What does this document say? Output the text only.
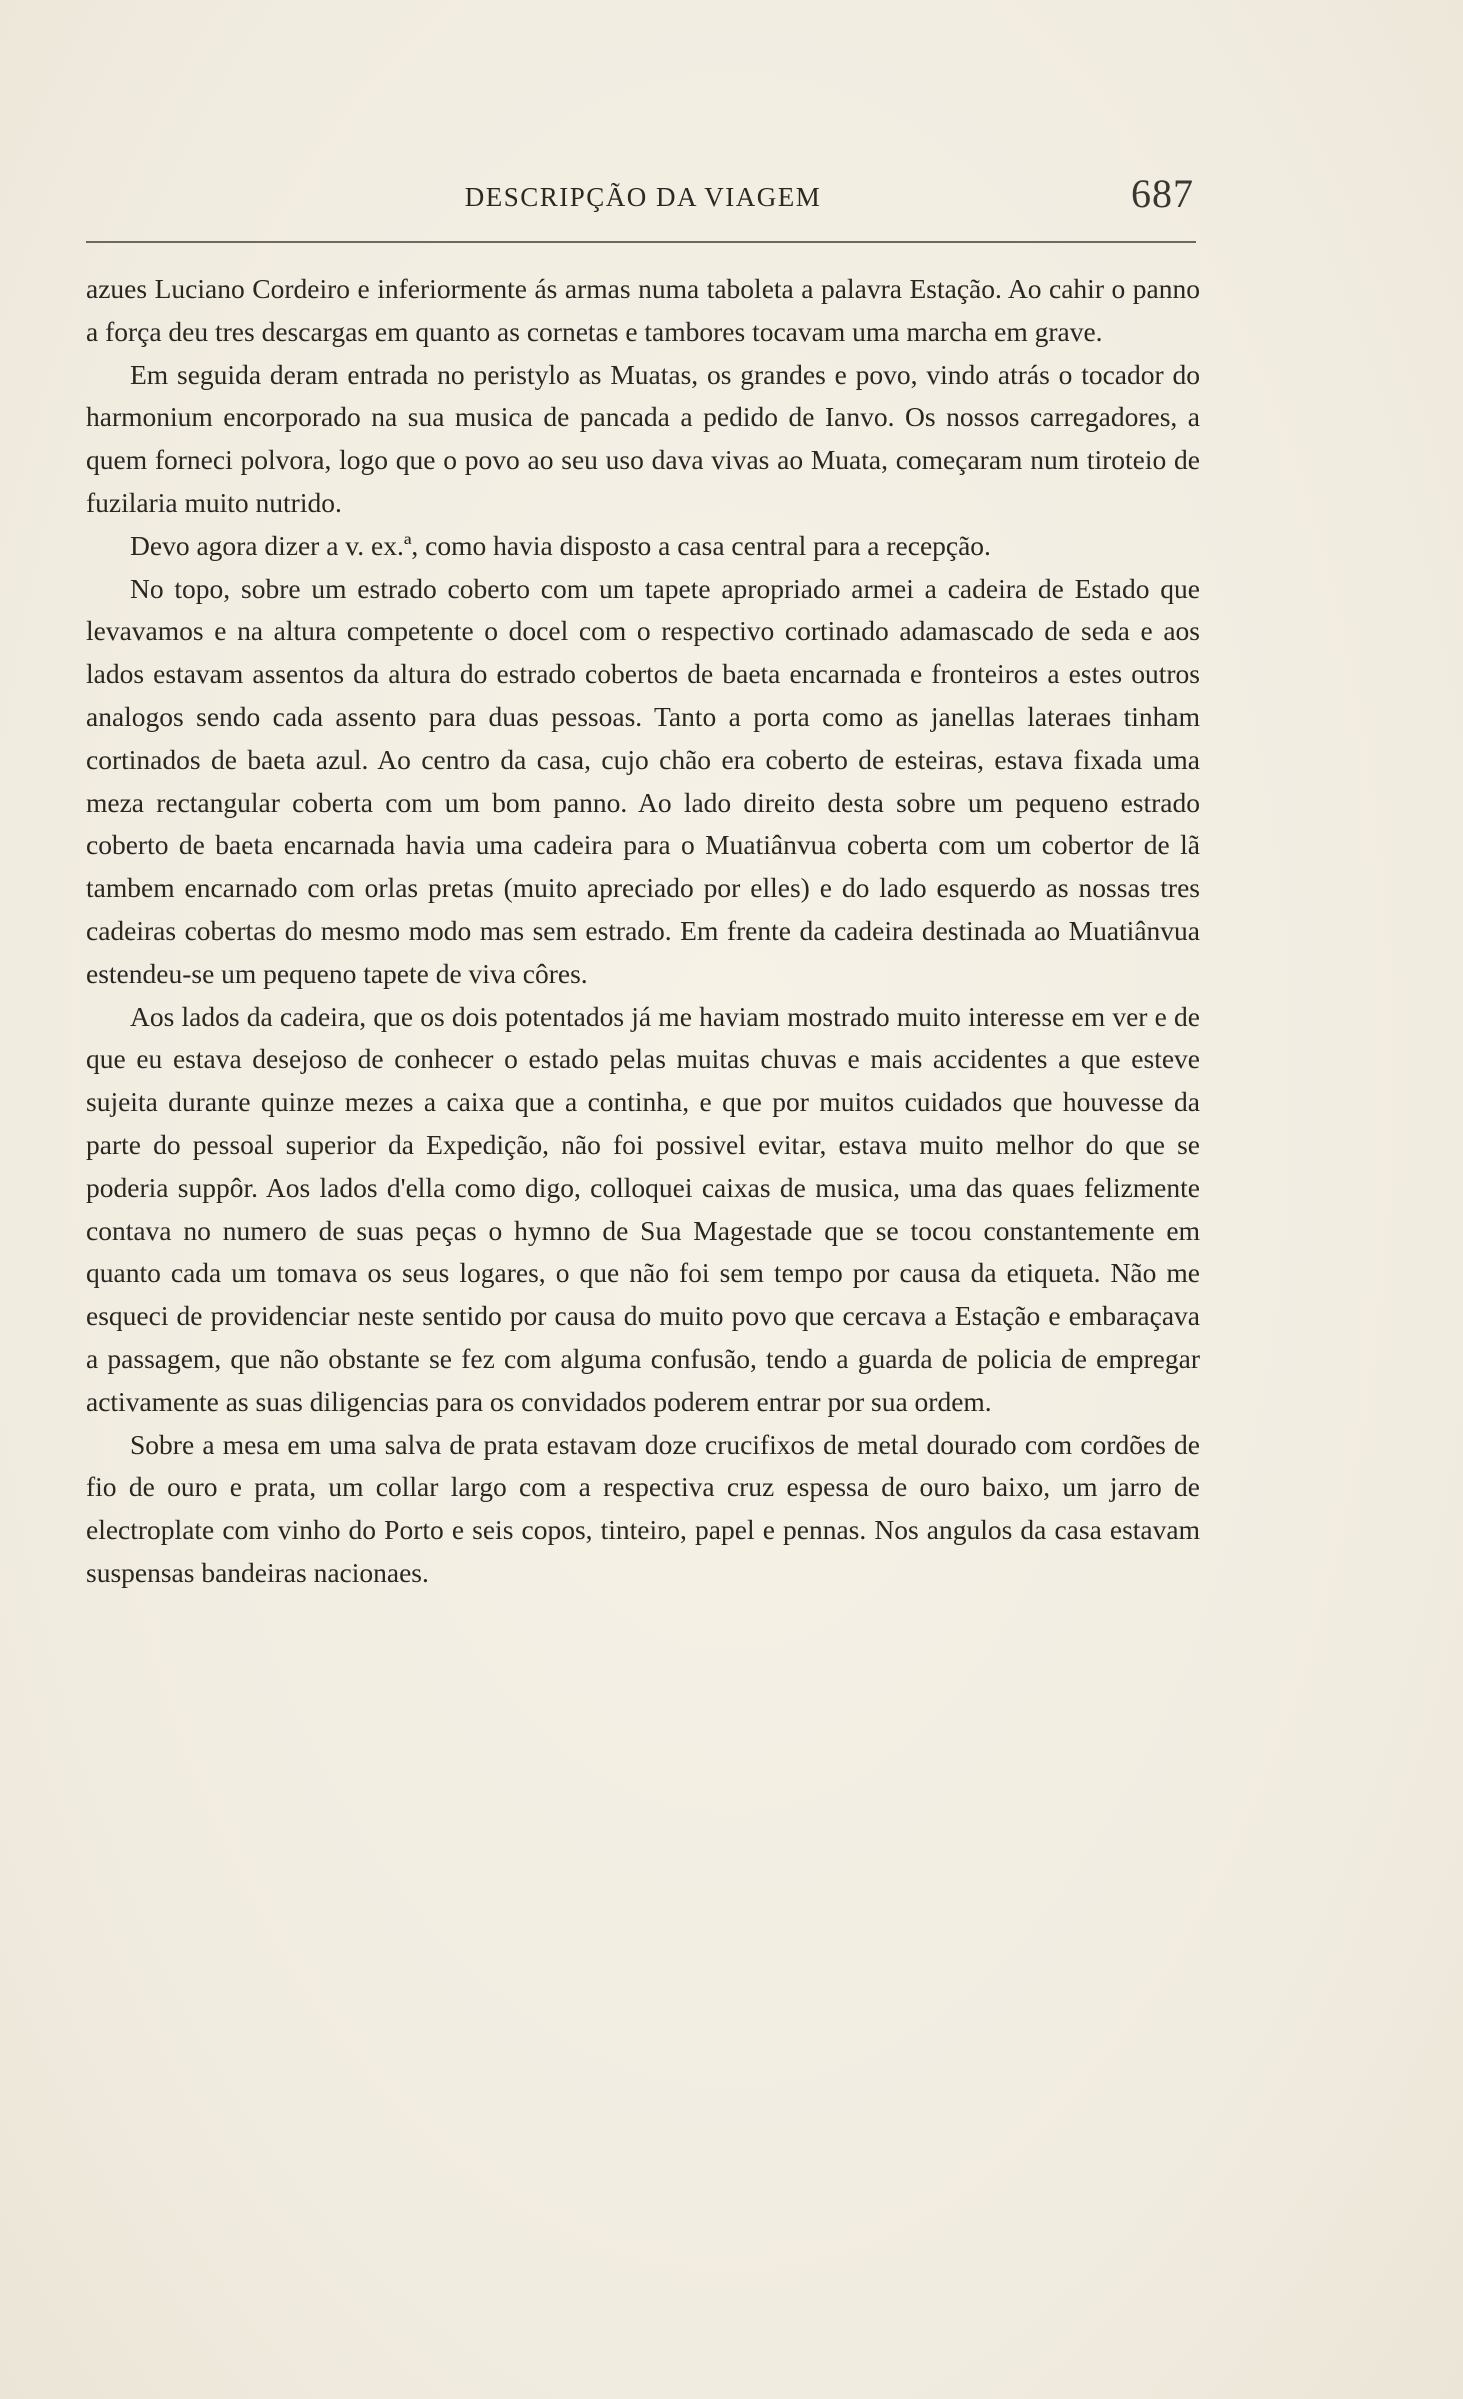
DESCRIPÇÃO DA VIAGEM	687

azues Luciano Cordeiro e inferiormente ás armas numa taboleta a palavra Estação. Ao cahir o panno a força deu tres descargas em quanto as cornetas e tambores tocavam uma marcha em grave.

Em seguida deram entrada no peristylo as Muatas, os grandes e povo, vindo atrás o tocador do harmonium encorporado na sua musica de pancada a pedido de Ianvo. Os nossos carregadores, a quem forneci polvora, logo que o povo ao seu uso dava vivas ao Muata, começaram num tiroteio de fuzilaria muito nutrido.

Devo agora dizer a v. ex.ª, como havia disposto a casa central para a recepção.

No topo, sobre um estrado coberto com um tapete apropriado armei a cadeira de Estado que levavamos e na altura competente o docel com o respectivo cortinado adamascado de seda e aos lados estavam assentos da altura do estrado cobertos de baeta encarnada e fronteiros a estes outros analogos sendo cada assento para duas pessoas. Tanto a porta como as janellas lateraes tinham cortinados de baeta azul. Ao centro da casa, cujo chão era coberto de esteiras, estava fixada uma meza rectangular coberta com um bom panno. Ao lado direito desta sobre um pequeno estrado coberto de baeta encarnada havia uma cadeira para o Muatiânvua coberta com um cobertor de lã tambem encarnado com orlas pretas (muito apreciado por elles) e do lado esquerdo as nossas tres cadeiras cobertas do mesmo modo mas sem estrado. Em frente da cadeira destinada ao Muatiânvua estendeu-se um pequeno tapete de viva côres.

Aos lados da cadeira, que os dois potentados já me haviam mostrado muito interesse em ver e de que eu estava desejoso de conhecer o estado pelas muitas chuvas e mais accidentes a que esteve sujeita durante quinze mezes a caixa que a continha, e que por muitos cuidados que houvesse da parte do pessoal superior da Expedição, não foi possivel evitar, estava muito melhor do que se poderia suppôr. Aos lados d'ella como digo, colloquei caixas de musica, uma das quaes felizmente contava no numero de suas peças o hymno de Sua Magestade que se tocou constantemente em quanto cada um tomava os seus logares, o que não foi sem tempo por causa da etiqueta. Não me esqueci de providenciar neste sentido por causa do muito povo que cercava a Estação e embaraçava a passagem, que não obstante se fez com alguma confusão, tendo a guarda de policia de empregar activamente as suas diligencias para os convidados poderem entrar por sua ordem.

Sobre a mesa em uma salva de prata estavam doze crucifixos de metal dourado com cordões de fio de ouro e prata, um collar largo com a respectiva cruz espessa de ouro baixo, um jarro de electroplate com vinho do Porto e seis copos, tinteiro, papel e pennas. Nos angulos da casa estavam suspensas bandeiras nacionaes.
